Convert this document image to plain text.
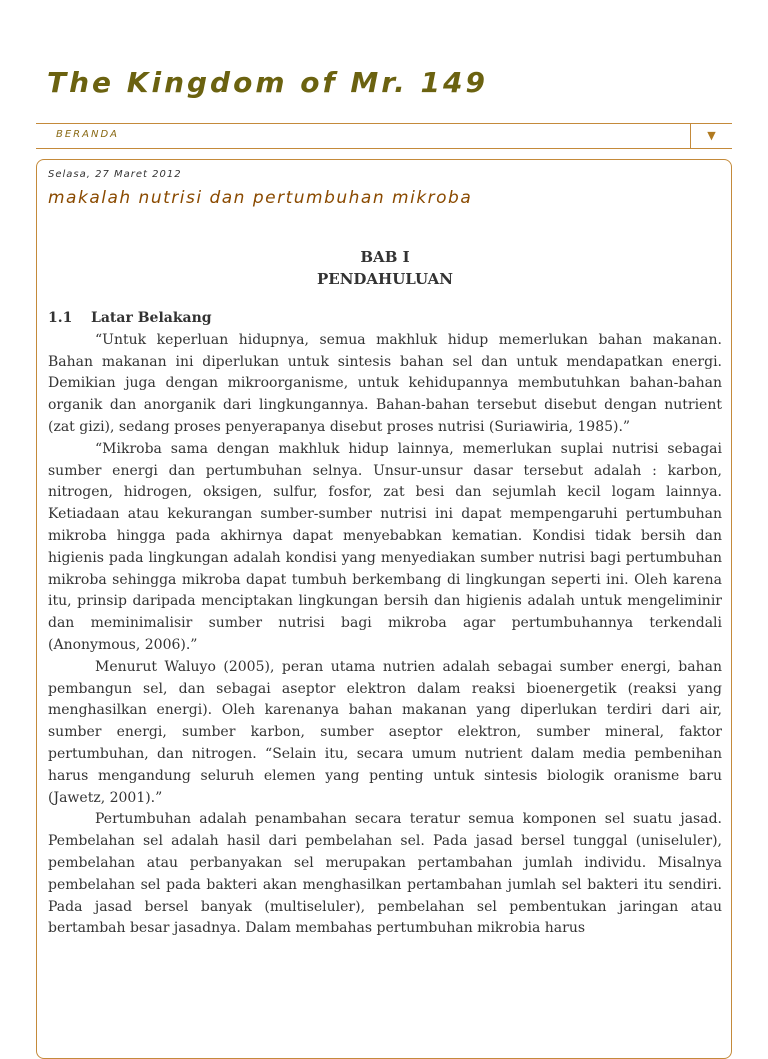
The Kingdom of Mr. 149
BERANDA	▼
Selasa, 27 Maret 2012
makalah nutrisi dan pertumbuhan mikroba

BAB I

PENDAHULUAN

1.1 Latar Belakang

“Untuk keperluan hidupnya, semua makhluk hidup memerlukan bahan makanan. Bahan makanan ini diperlukan untuk sintesis bahan sel dan untuk mendapatkan energi. Demikian juga dengan mikroorganisme, untuk kehidupannya membutuhkan bahan-bahan organik dan anorganik dari lingkungannya. Bahan-bahan tersebut disebut dengan nutrient (zat gizi), sedang proses penyerapanya disebut proses nutrisi (Suriawiria, 1985).”

“Mikroba sama dengan makhluk hidup lainnya, memerlukan suplai nutrisi sebagai sumber energi dan pertumbuhan selnya. Unsur-unsur dasar tersebut adalah : karbon, nitrogen, hidrogen, oksigen, sulfur, fosfor, zat besi dan sejumlah kecil logam lainnya. Ketiadaan atau kekurangan sumber-sumber nutrisi ini dapat mempengaruhi pertumbuhan mikroba hingga pada akhirnya dapat menyebabkan kematian. Kondisi tidak bersih dan higienis pada lingkungan adalah kondisi yang menyediakan sumber nutrisi bagi pertumbuhan mikroba sehingga mikroba dapat tumbuh berkembang di lingkungan seperti ini. Oleh karena itu, prinsip daripada menciptakan lingkungan bersih dan higienis adalah untuk mengeliminir dan meminimalisir sumber nutrisi bagi mikroba agar pertumbuhannya terkendali (Anonymous, 2006).”

Menurut Waluyo (2005), peran utama nutrien adalah sebagai sumber energi, bahan pembangun sel, dan sebagai aseptor elektron dalam reaksi bioenergetik (reaksi yang menghasilkan energi). Oleh karenanya bahan makanan yang diperlukan terdiri dari air, sumber energi, sumber karbon, sumber aseptor elektron, sumber mineral, faktor pertumbuhan, dan nitrogen. “Selain itu, secara umum nutrient dalam media pembenihan harus mengandung seluruh elemen yang penting untuk sintesis biologik oranisme baru (Jawetz, 2001).”

Pertumbuhan adalah penambahan secara teratur semua komponen sel suatu jasad. Pembelahan sel adalah hasil dari pembelahan sel. Pada jasad bersel tunggal (uniseluler), pembelahan atau perbanyakan sel merupakan pertambahan jumlah individu. Misalnya pembelahan sel pada bakteri akan menghasilkan pertambahan jumlah sel bakteri itu sendiri. Pada jasad bersel banyak (multiseluler), pembelahan sel pembentukan jaringan atau bertambah besar jasadnya. Dalam membahas pertumbuhan mikrobia harus
